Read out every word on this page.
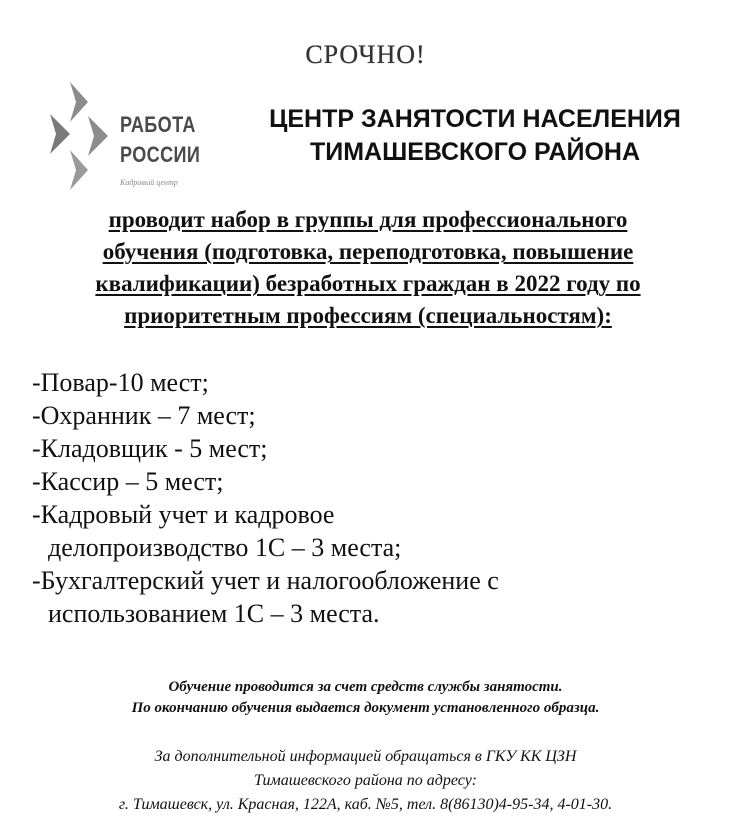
СРОЧНО!
РАБОТА
РОССИИ
Кадровый центр
ЦЕНТР ЗАНЯТОСТИ НАСЕЛЕНИЯ
ТИМАШЕВСКОГО РАЙОНА
проводит набор в группы для профессионального
обучения (подготовка, переподготовка, повышение
квалификации) безработных граждан в 2022 году по
приоритетным профессиям (специальностям):
-Повар-10 мест;
-Охранник – 7 мест;
-Кладовщик - 5 мест;
-Кассир – 5 мест;
-Кадровый учет и кадровое
делопроизводство 1С – 3 места;
-Бухгалтерский учет и налогообложение с
использованием 1С – 3 места.
Обучение проводится за счет средств службы занятости.
По окончанию обучения выдается документ установленного образца.
За дополнительной информацией обращаться в ГКУ КК ЦЗН
Тимашевского района по адресу:
г. Тимашевск, ул. Красная, 122А, каб. №5, тел. 8(86130)4-95-34, 4-01-30.
